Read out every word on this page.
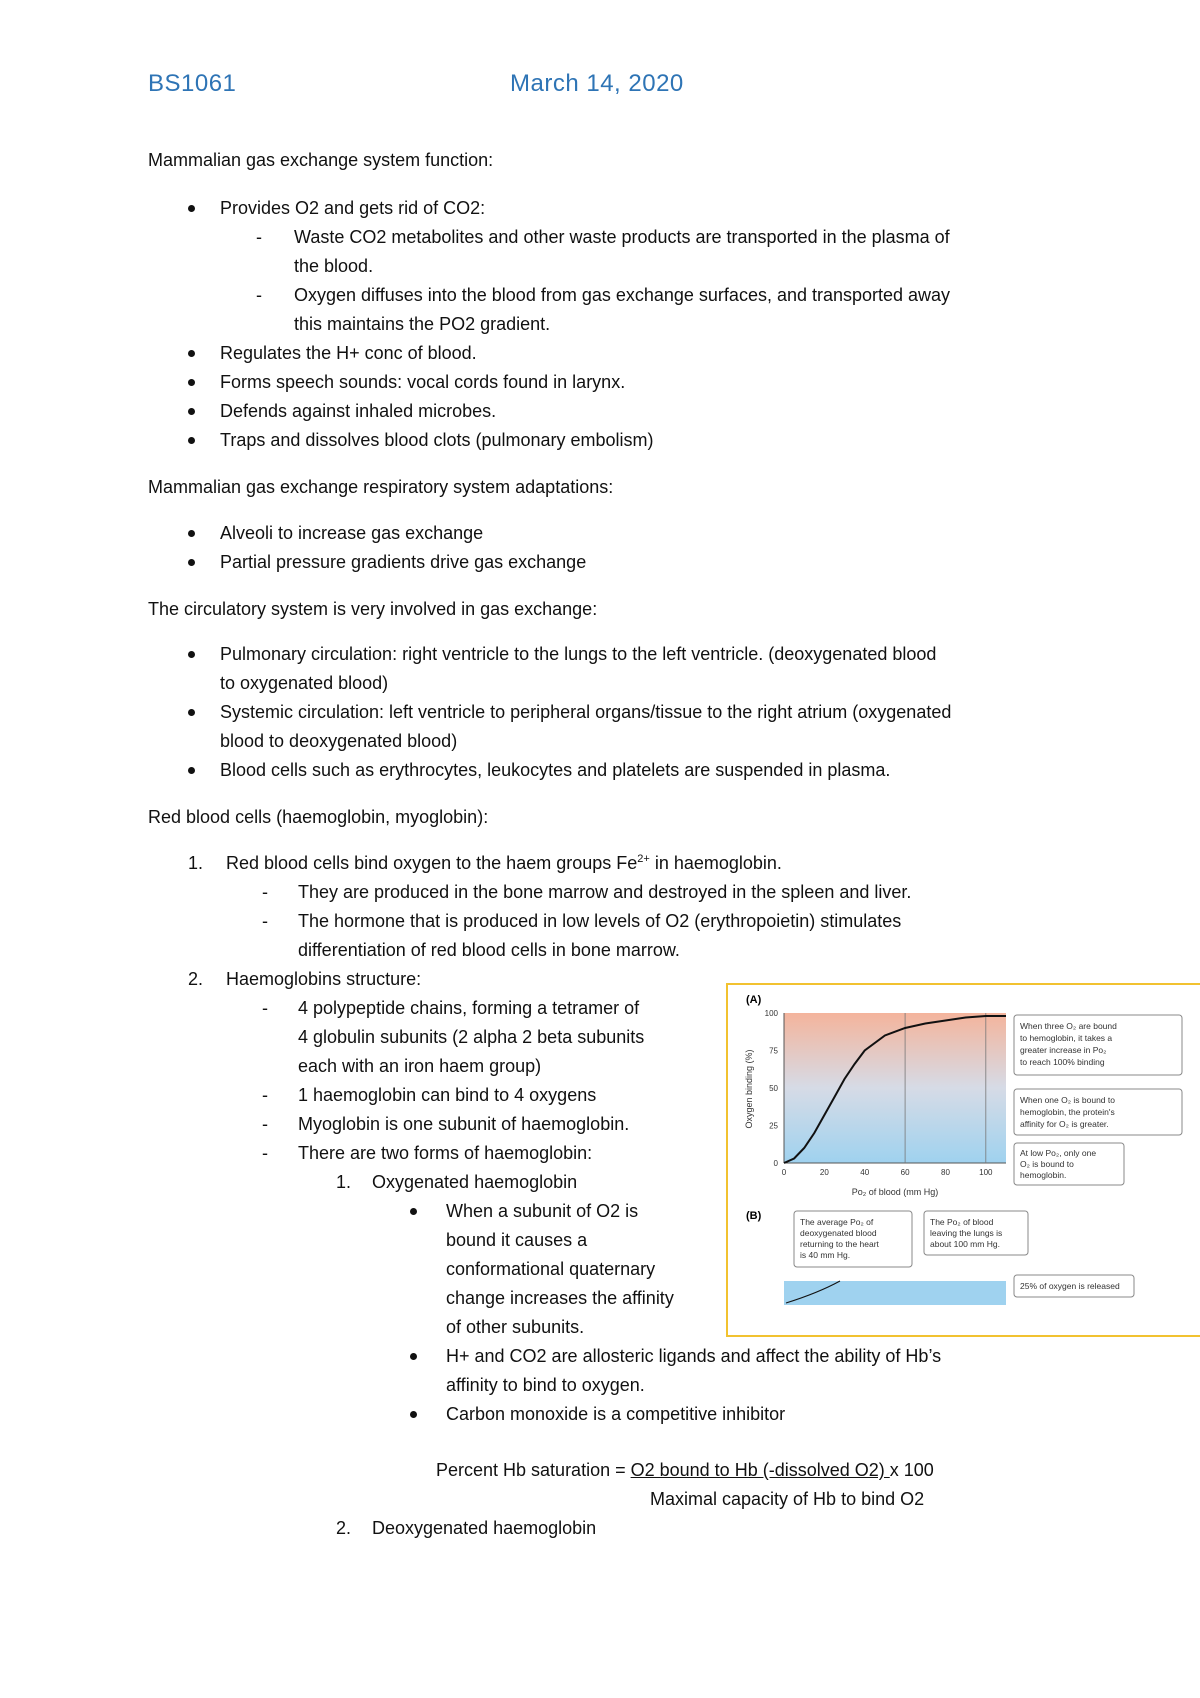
BS1061	March 14, 2020
Mammalian gas exchange system function:
Provides O2 and gets rid of CO2:
- Waste CO2 metabolites and other waste products are transported in the plasma of
the blood.
- Oxygen diffuses into the blood from gas exchange surfaces, and transported away
this maintains the PO2 gradient.
Regulates the H+ conc of blood.
Forms speech sounds: vocal cords found in larynx.
Defends against inhaled microbes.
Traps and dissolves blood clots (pulmonary embolism)
Mammalian gas exchange respiratory system adaptations:
Alveoli to increase gas exchange
Partial pressure gradients drive gas exchange
The circulatory system is very involved in gas exchange:
Pulmonary circulation: right ventricle to the lungs to the left ventricle. (deoxygenated blood
to oxygenated blood)
Systemic circulation: left ventricle to peripheral organs/tissue to the right atrium (oxygenated
blood to deoxygenated blood)
Blood cells such as erythrocytes, leukocytes and platelets are suspended in plasma.
Red blood cells (haemoglobin, myoglobin):
1. Red blood cells bind oxygen to the haem groups $Fe^{2+}$ in haemoglobin.
- They are produced in the bone marrow and destroyed in the spleen and liver.
- The hormone that is produced in low levels of O2 (erythropoietin) stimulates
differentiation of red blood cells in bone marrow.
2. Haemoglobins structure:
- 4 polypeptide chains, forming a tetramer of
4 globulin subunits (2 alpha 2 beta subunits
each with an iron haem group)
- 1 haemoglobin can bind to 4 oxygens
- Myoglobin is one subunit of haemoglobin.
- There are two forms of haemoglobin:
1. Oxygenated haemoglobin
When a subunit of O2 is
bound it causes a
conformational quaternary
change increases the affinity
of other subunits.
H+ and CO2 are allosteric ligands and affect the ability of Hb’s
affinity to bind to oxygen.
Carbon monoxide is a competitive inhibitor
Percent Hb saturation = O2 bound to Hb (-dissolved O2) x 100
Maximal capacity of Hb to bind O2
2. Deoxygenated haemoglobin
(A)
0
25
50
75
100
0	20	40	60	80	100
Oxygen binding (%)
Po₂ of blood (mm Hg)
When three O₂ are bound
to hemoglobin, it takes a
greater increase in Po₂
to reach 100% binding
When one O₂ is bound to
hemoglobin, the protein's
affinity for O₂ is greater.
At low Po₂, only one
O₂ is bound to
hemoglobin.
(B)	The average Po₂ of
deoxygenated blood
returning to the heart
is 40 mm Hg.
The Po₂ of blood
leaving the lungs is
about 100 mm Hg.
25% of oxygen is released
